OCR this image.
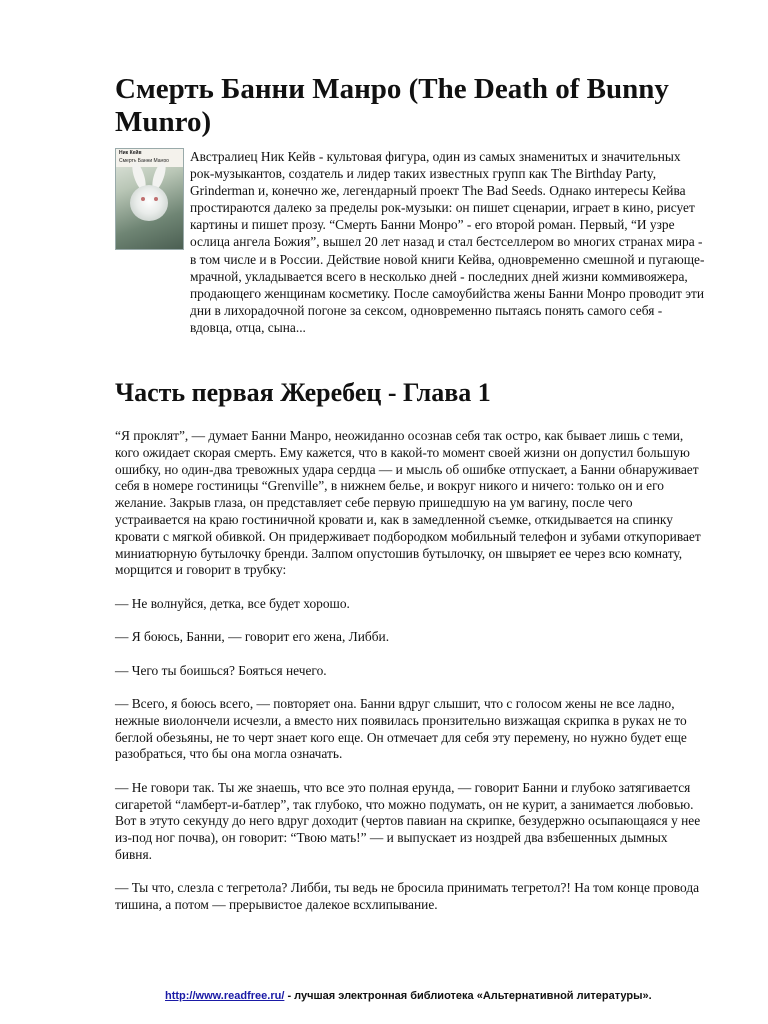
Смерть Банни Манро (The Death of Bunny Munro)
Ник Кейв
Смерть Банни Манро Австралиец Ник Кейв - культовая фигура, один из самых знаменитых и значительных рок-музыкантов, создатель и лидер таких известных групп как The Birthday Party, Grinderman и, конечно же, легендарный проект The Bad Seeds. Однако интересы Кейва простираются далеко за пределы рок-музыки: он пишет сценарии, играет в кино, рисует картины и пишет прозу. “Смерть Банни Монро” - его второй роман. Первый, “И узре ослица ангела Божия”, вышел 20 лет назад и стал бестселлером во многих странах мира - в том числе и в России. Действие новой книги Кейва, одновременно смешной и пугающе-мрачной, укладывается всего в несколько дней - последних дней жизни коммивояжера, продающего женщинам косметику. После самоубийства жены Банни Монро проводит эти дни в лихорадочной погоне за сексом, одновременно пытаясь понять самого себя - вдовца, отца, сына...

Часть первая Жеребец - Глава 1

“Я проклят”, — думает Банни Манро, неожиданно осознав себя так остро, как бывает лишь с теми, кого ожидает скорая смерть. Ему кажется, что в какой-то момент своей жизни он допустил большую ошибку, но один-два тревожных удара сердца — и мысль об ошибке отпускает, а Банни обнаруживает себя в номере гостиницы “Grenville”, в нижнем белье, и вокруг никого и ничего: только он и его желание. Закрыв глаза, он представляет себе первую пришедшую на ум вагину, после чего устраивается на краю гостиничной кровати и, как в замедленной съемке, откидывается на спинку кровати с мягкой обивкой. Он придерживает подбородком мобильный телефон и зубами откупоривает миниатюрную бутылочку бренди. Залпом опустошив бутылочку, он швыряет ее через всю комнату, морщится и говорит в трубку:

— Не волнуйся, детка, все будет хорошо.

— Я боюсь, Банни, — говорит его жена, Либби.

— Чего ты боишься? Бояться нечего.

— Всего, я боюсь всего, — повторяет она. Банни вдруг слышит, что с голосом жены не все ладно, нежные виолончели исчезли, а вместо них появилась пронзительно визжащая скрипка в руках не то беглой обезьяны, не то черт знает кого еще. Он отмечает для себя эту перемену, но нужно будет еще разобраться, что бы она могла означать.

— Не говори так. Ты же знаешь, что все это полная ерунда, — говорит Банни и глубоко затягивается сигаретой “ламберт-и-батлер”, так глубоко, что можно подумать, он не курит, а занимается любовью. Вот в этуто секунду до него вдруг доходит (чертов павиан на скрипке, безудержно осыпающаяся у нее из-под ног почва), он говорит: “Твою мать!” — и выпускает из ноздрей два взбешенных дымных бивня.

— Ты что, слезла с тегретола? Либби, ты ведь не бросила принимать тегретол?! На том конце провода тишина, а потом — прерывистое далекое всхлипывание.

http://www.readfree.ru/ - лучшая электронная библиотека «Альтернативной литературы».
